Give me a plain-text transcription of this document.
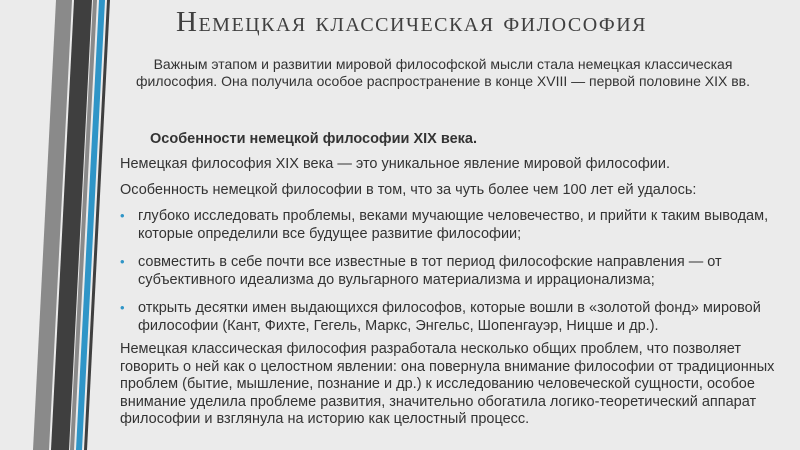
Немецкая классическая философия
Важным этапом и развитии мировой философской мысли стала немецкая классическая философия. Она получила особое распространение в конце XVIII — первой половине XIX вв.
Особенности немецкой философии XIX века.
Немецкая философия XIX века — это уникальное явление мировой философии.
Особенность немецкой философии в том, что за чуть более чем 100 лет ей удалось:
• глубоко исследовать проблемы, веками мучающие человечество, и прийти к таким выводам, которые определили все будущее развитие философии;
• совместить в себе почти все известные в тот период философские направления — от субъективного идеализма до вульгарного материализма и иррационализма;
• открыть десятки имен выдающихся философов, которые вошли в «золотой фонд» мировой философии (Кант, Фихте, Гегель, Маркс, Энгельс, Шопенгауэр, Ницше и др.).
Немецкая классическая философия разработала несколько общих проблем, что позволяет говорить о ней как о целостном явлении: она повернула внимание философии от традиционных проблем (бытие, мышление, познание и др.) к исследованию человеческой сущности, особое внимание уделила проблеме развития, значительно обогатила логико-теоретический аппарат философии и взглянула на историю как целостный процесс.
